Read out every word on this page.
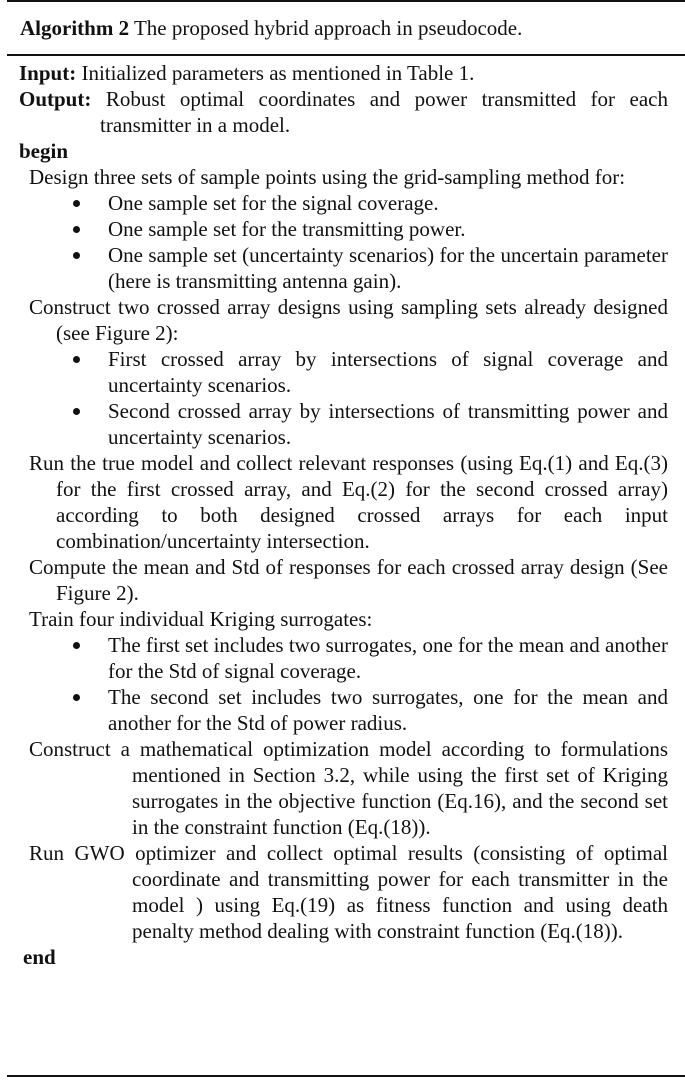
Algorithm 2 The proposed hybrid approach in pseudocode.

Input: Initialized parameters as mentioned in Table 1.

Output: Robust optimal coordinates and power transmitted for each transmitter in a model.

begin

Design three sets of sample points using the grid-sampling method for:

One sample set for the signal coverage.
One sample set for the transmitting power.
One sample set (uncertainty scenarios) for the uncertain parameter (here is transmitting antenna gain).

Construct two crossed array designs using sampling sets already designed (see Figure 2):

First crossed array by intersections of signal coverage and uncertainty scenarios.
Second crossed array by intersections of transmitting power and uncertainty scenarios.

Run the true model and collect relevant responses (using Eq.(1) and Eq.(3) for the first crossed array, and Eq.(2) for the second crossed array) according to both designed crossed arrays for each input combination/uncertainty intersection.

Compute the mean and Std of responses for each crossed array design (See Figure 2).

Train four individual Kriging surrogates:

The first set includes two surrogates, one for the mean and another for the Std of signal coverage.
The second set includes two surrogates, one for the mean and another for the Std of power radius.

Construct a mathematical optimization model according to formulations mentioned in Section 3.2, while using the first set of Kriging surrogates in the objective function (Eq.16), and the second set in the constraint function (Eq.(18)).

Run GWO optimizer and collect optimal results (consisting of optimal coordinate and transmitting power for each transmitter in the model ) using Eq.(19) as fitness function and using death penalty method dealing with constraint function (Eq.(18)).

end
